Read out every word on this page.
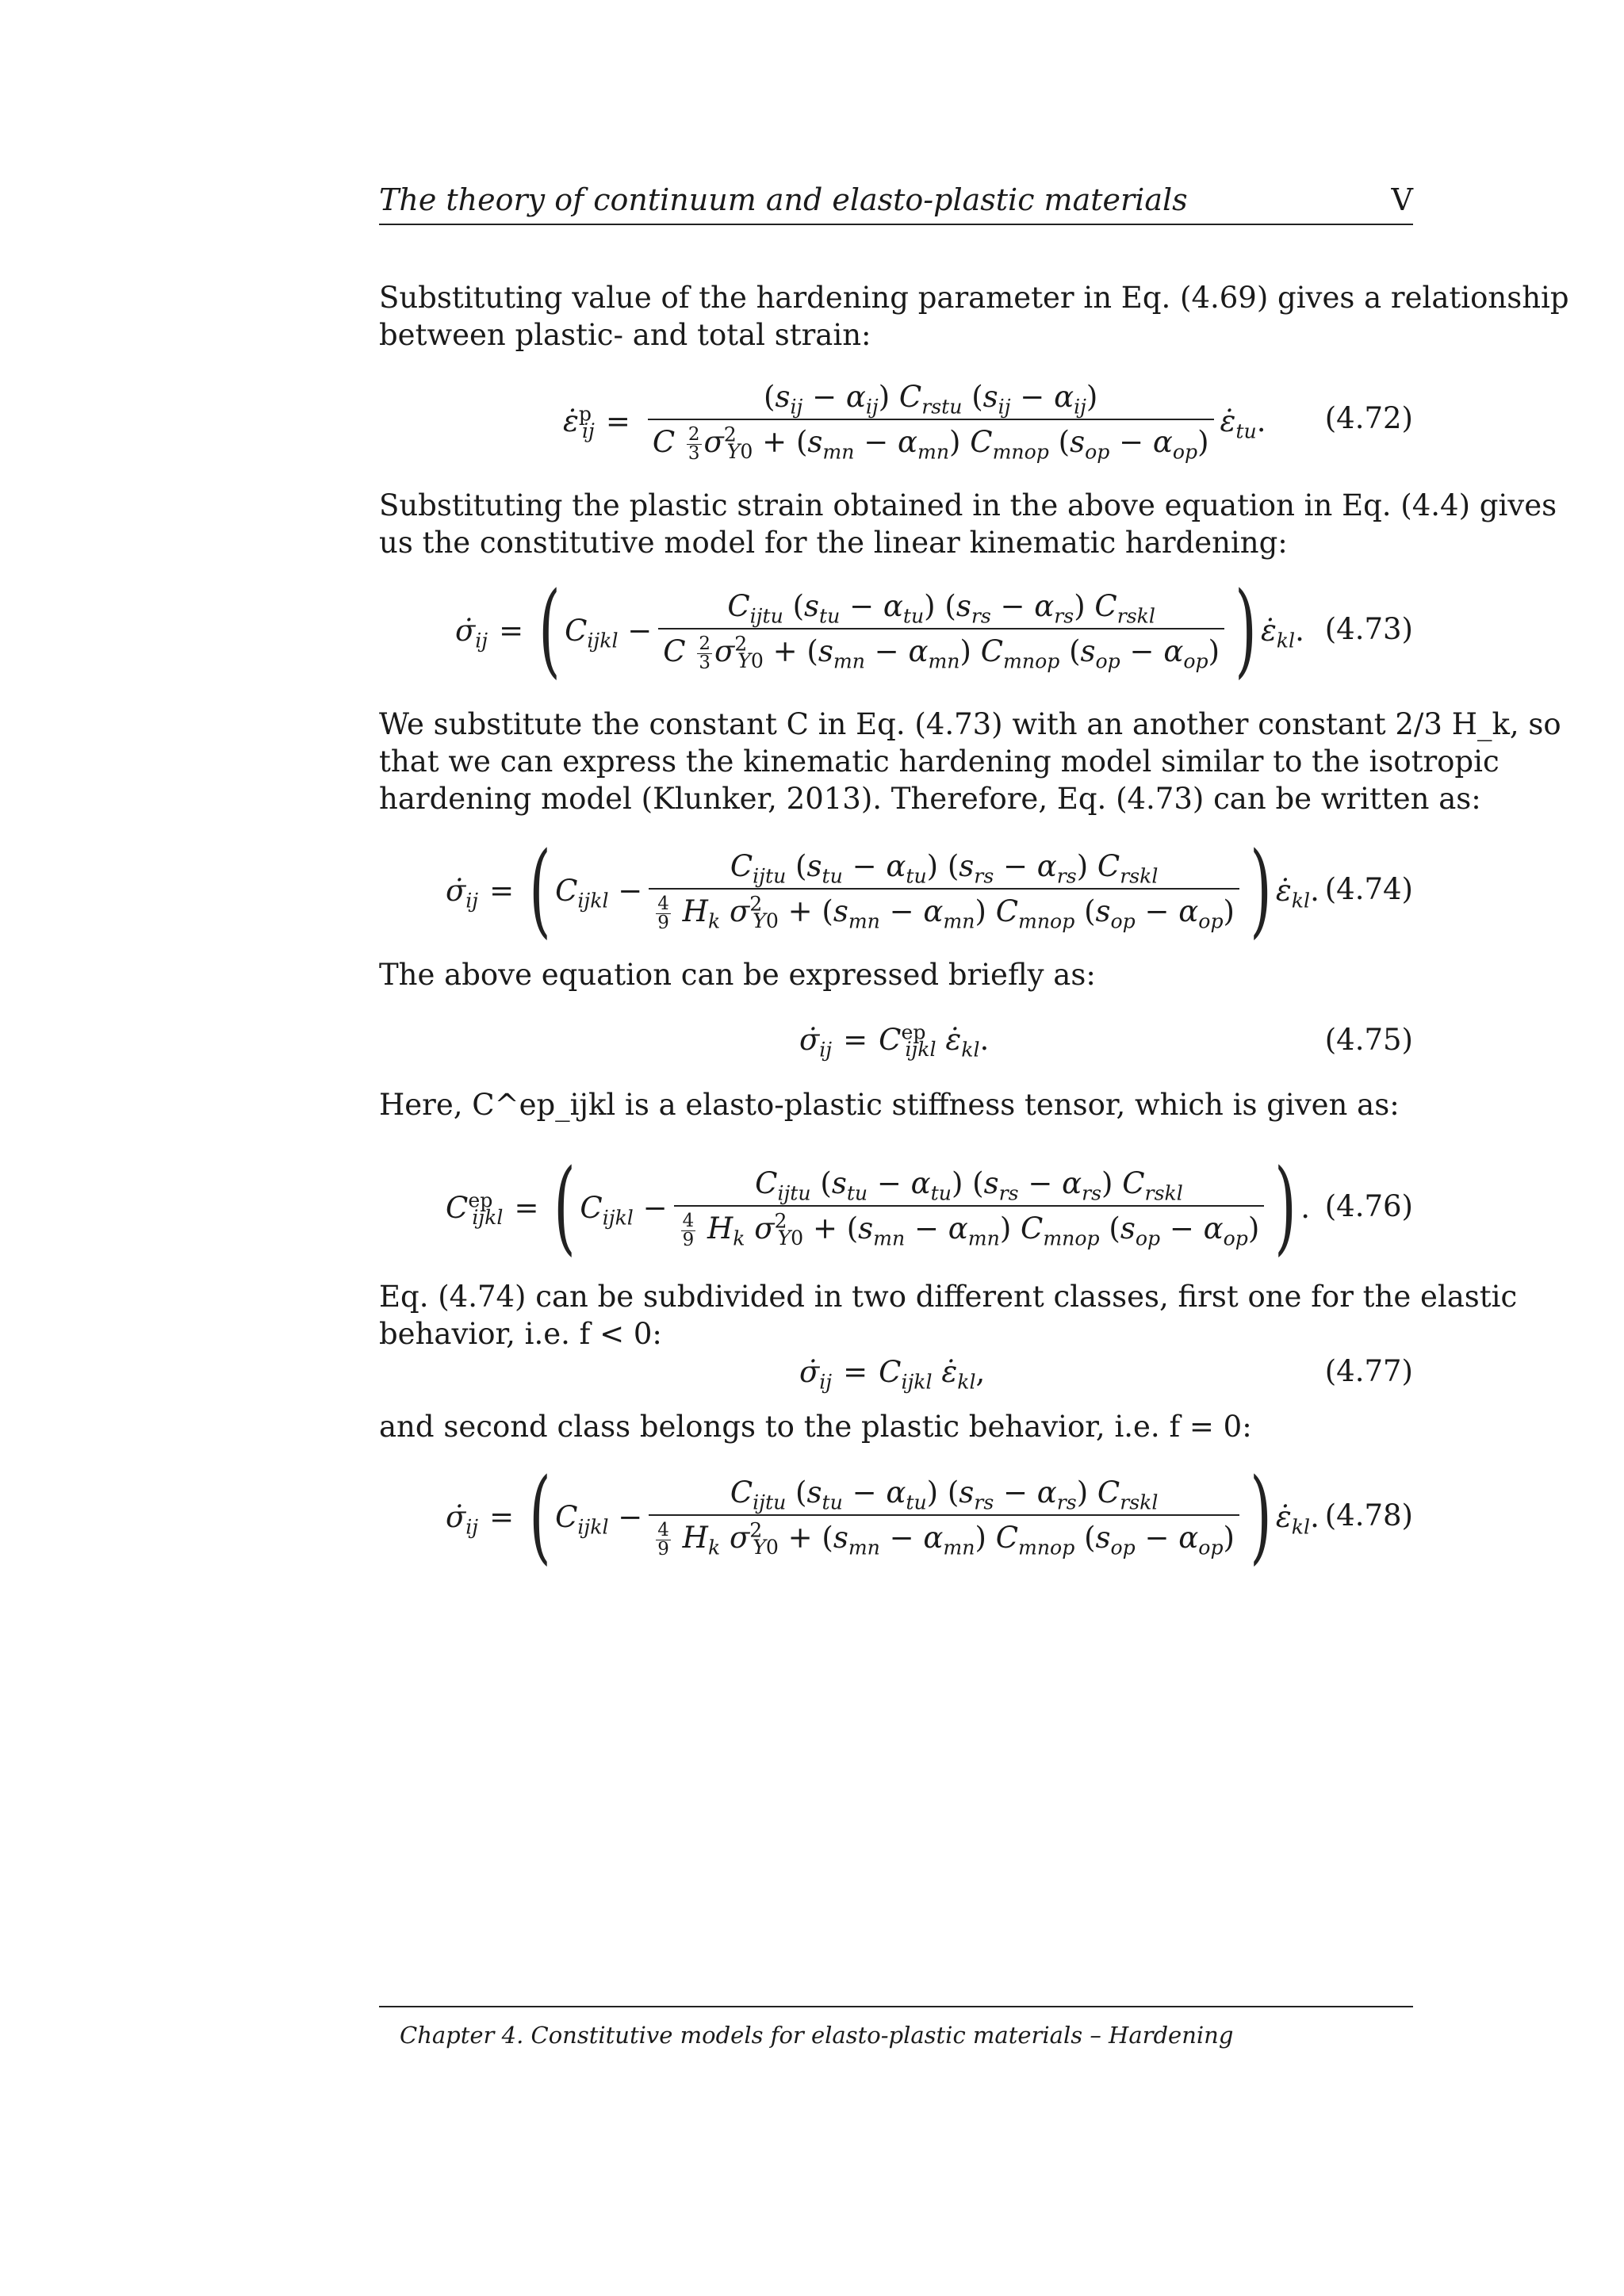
The theory of continuum and elasto-plastic materials	V
Substituting value of the hardening parameter in Eq. (4.69) gives a relationship
between plastic- and total strain:
ε̇$^p_{ij}$ = $\frac{(s_{ij} - \alpha_{ij}) C_{rstu} (s_{ij} - \alpha_{ij})}{C \frac{2}{3} \sigma^2_{Y0} + (s_{mn} - \alpha_{mn}) C_{mnop} (s_{op} - \alpha_{op})}$ $\varepsiloṅ_{tu}$. (4.72)
Substituting the plastic strain obtained in the above equation in Eq. (4.4) gives
us the constitutive model for the linear kinematic hardening:
$\sigmȧ_{ij}$ = ( $C_{ijkl} - \frac{C_{ijtu} (s_{tu} - \alpha_{tu}) (s_{rs} - \alpha_{rs}) C_{rskl}}{C \frac{2}{3} \sigma^2_{Y0} + (s_{mn} - \alpha_{mn}) C_{mnop} (s_{op} - \alpha_{op})}$ ) $\varepsiloṅ_{kl}$. (4.73)
We substitute the constant C in Eq. (4.73) with an another constant 2/3 H_k, so
that we can express the kinematic hardening model similar to the isotropic
hardening model (Klunker, 2013). Therefore, Eq. (4.73) can be written as:
$\sigmȧ_{ij}$ = ( $C_{ijkl} - \frac{C_{ijtu} (s_{tu} - \alpha_{tu}) (s_{rs} - \alpha_{rs}) C_{rskl}}{\frac{4}{9} H_k \sigma^2_{Y0} + (s_{mn} - \alpha_{mn}) C_{mnop} (s_{op} - \alpha_{op})}$ ) $\varepsiloṅ_{kl}$. (4.74)
The above equation can be expressed briefly as:
$\sigmȧ_{ij} = C^{ep}_{ijkl}$ $\varepsiloṅ_{kl}$.	(4.75)
Here, C^ep_ijkl is a elasto-plastic stiffness tensor, which is given as:
$C^{ep}_{ijkl}$ = ( $C_{ijkl} - \frac{C_{ijtu} (s_{tu} - \alpha_{tu}) (s_{rs} - \alpha_{rs}) C_{rskl}}{\frac{4}{9} H_k \sigma^2_{Y0} + (s_{mn} - \alpha_{mn}) C_{mnop} (s_{op} - \alpha_{op})}$ ) . (4.76)
Eq. (4.74) can be subdivided in two different classes, first one for the elastic
behavior, i.e. f < 0:
$\sigmȧ_{ij} = C_{ijkl}$ $\varepsiloṅ_{kl}$,	(4.77)
and second class belongs to the plastic behavior, i.e. f = 0:
$\sigmȧ_{ij}$ = ( $C_{ijkl} - \frac{C_{ijtu} (s_{tu} - \alpha_{tu}) (s_{rs} - \alpha_{rs}) C_{rskl}}{\frac{4}{9} H_k \sigma^2_{Y0} + (s_{mn} - \alpha_{mn}) C_{mnop} (s_{op} - \alpha_{op})}$ ) $\varepsiloṅ_{kl}$. (4.78)
Chapter 4. Constitutive models for elasto-plastic materials – Hardening
